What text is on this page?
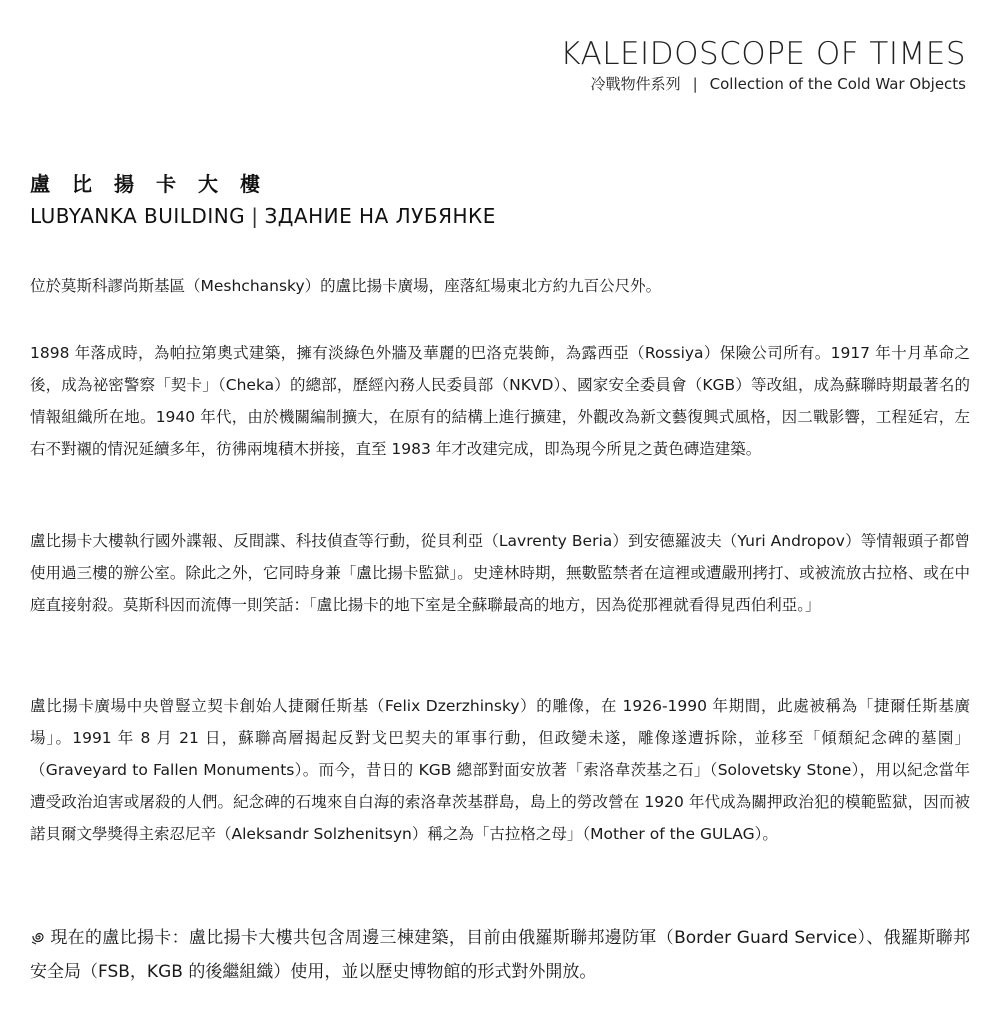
KALEIDOSCOPE OF TIMES
冷戰物件系列 | Collection of the Cold War Objects
盧比揚卡大樓
LUBYANKA BUILDING | ЗДАНИЕ НА ЛУБЯНКЕ

位於莫斯科謬尚斯基區（Meshchansky）的盧比揚卡廣場，座落紅場東北方約九百公尺外。

1898 年落成時，為帕拉第奧式建築，擁有淡綠色外牆及華麗的巴洛克裝飾，為露西亞（Rossiya）保險公司所有。1917 年十月革命之後，成為祕密警察「契卡」（Cheka）的總部，歷經內務人民委員部（NKVD）、國家安全委員會（KGB）等改組，成為蘇聯時期最著名的情報組織所在地。1940 年代，由於機關編制擴大，在原有的結構上進行擴建，外觀改為新文藝復興式風格，因二戰影響，工程延宕，左右不對襯的情況延續多年，彷彿兩塊積木拼接，直至 1983 年才改建完成，即為現今所見之黃色磚造建築。

盧比揚卡大樓執行國外諜報、反間諜、科技偵查等行動，從貝利亞（Lavrenty Beria）到安德羅波夫（Yuri Andropov）等情報頭子都曾使用過三樓的辦公室。除此之外，它同時身兼「盧比揚卡監獄」。史達林時期，無數監禁者在這裡或遭嚴刑拷打、或被流放古拉格、或在中庭直接射殺。莫斯科因而流傳一則笑話：「盧比揚卡的地下室是全蘇聯最高的地方，因為從那裡就看得見西伯利亞。」

盧比揚卡廣場中央曾豎立契卡創始人捷爾任斯基（Felix Dzerzhinsky）的雕像，在 1926-1990 年期間，此處被稱為「捷爾任斯基廣場」。1991 年 8 月 21 日，蘇聯高層揭起反對戈巴契夫的軍事行動，但政變未遂，雕像遂遭拆除，並移至「傾頹紀念碑的墓園」（Graveyard to Fallen Monuments）。而今，昔日的 KGB 總部對面安放著「索洛韋茨基之石」（Solovetsky Stone），用以紀念當年遭受政治迫害或屠殺的人們。紀念碑的石塊來自白海的索洛韋茨基群島，島上的勞改營在 1920 年代成為關押政治犯的模範監獄，因而被諾貝爾文學獎得主索忍尼辛（Aleksandr Solzhenitsyn）稱之為「古拉格之母」（Mother of the GULAG）。

現在的盧比揚卡：盧比揚卡大樓共包含周邊三棟建築，目前由俄羅斯聯邦邊防軍（Border Guard Service）、俄羅斯聯邦安全局（FSB，KGB 的後繼組織）使用，並以歷史博物館的形式對外開放。
